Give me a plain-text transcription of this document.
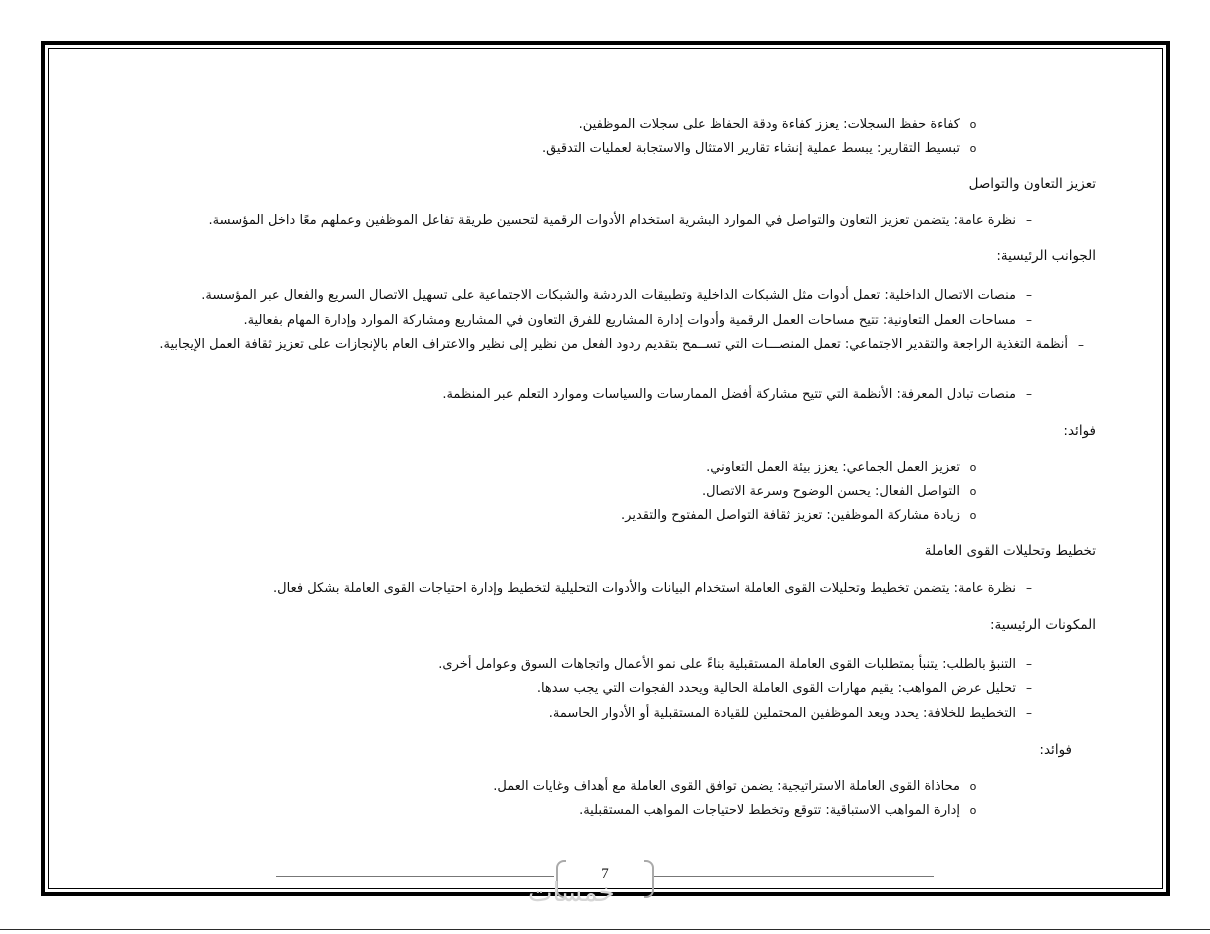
oكفاءة حفظ السجلات: يعزز كفاءة ودقة الحفاظ على سجلات الموظفين.
oتبسيط التقارير: يبسط عملية إنشاء تقارير الامتثال والاستجابة لعمليات التدقيق.
تعزيز التعاون والتواصل
–نظرة عامة: يتضمن تعزيز التعاون والتواصل في الموارد البشرية استخدام الأدوات الرقمية لتحسين طريقة تفاعل الموظفين وعملهم معًا داخل المؤسسة.
الجوانب الرئيسية:
–منصات الاتصال الداخلية: تعمل أدوات مثل الشبكات الداخلية وتطبيقات الدردشة والشبكات الاجتماعية على تسهيل الاتصال السريع والفعال عبر المؤسسة.
–مساحات العمل التعاونية: تتيح مساحات العمل الرقمية وأدوات إدارة المشاريع للفرق التعاون في المشاريع ومشاركة الموارد وإدارة المهام بفعالية.
–
أنظمة التغذية الراجعة والتقدير الاجتماعي: تعمل المنصـــات التي تســمح بتقديم ردود الفعل من نظير إلى نظير والاعتراف العام بالإنجازات على تعزيز ثقافة العمل الإيجابية.
–منصات تبادل المعرفة: الأنظمة التي تتيح مشاركة أفضل الممارسات والسياسات وموارد التعلم عبر المنظمة.
فوائد:
oتعزيز العمل الجماعي: يعزز بيئة العمل التعاوني.
oالتواصل الفعال: يحسن الوضوح وسرعة الاتصال.
oزيادة مشاركة الموظفين: تعزيز ثقافة التواصل المفتوح والتقدير.
تخطيط وتحليلات القوى العاملة
–نظرة عامة: يتضمن تخطيط وتحليلات القوى العاملة استخدام البيانات والأدوات التحليلية لتخطيط وإدارة احتياجات القوى العاملة بشكل فعال.
المكونات الرئيسية:
–التنبؤ بالطلب: يتنبأ بمتطلبات القوى العاملة المستقبلية بناءً على نمو الأعمال واتجاهات السوق وعوامل أخرى.
–تحليل عرض المواهب: يقيم مهارات القوى العاملة الحالية ويحدد الفجوات التي يجب سدها.
–التخطيط للخلافة: يحدد ويعد الموظفين المحتملين للقيادة المستقبلية أو الأدوار الحاسمة.
فوائد:
oمحاذاة القوى العاملة الاستراتيجية: يضمن توافق القوى العاملة مع أهداف وغايات العمل.
oإدارة المواهب الاستباقية: تتوقع وتخطط لاحتياجات المواهب المستقبلية.
خمسات
7
